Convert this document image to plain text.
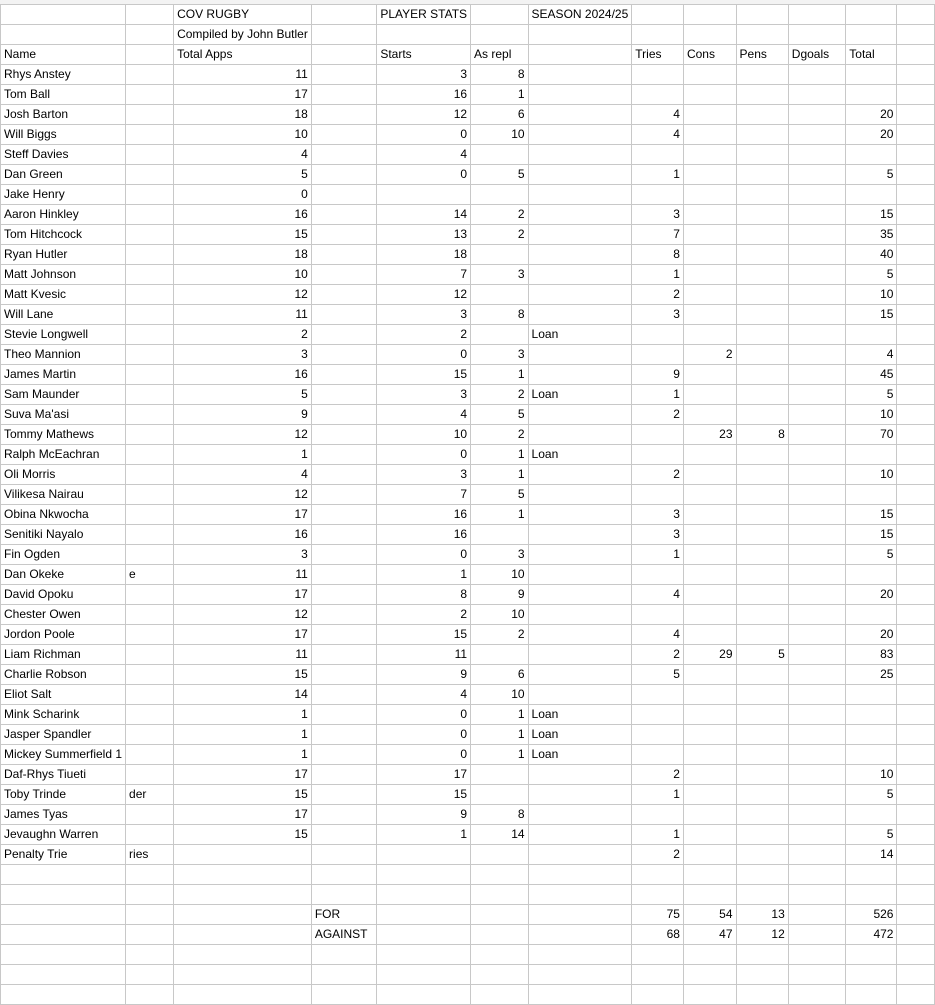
		COV RUGBY		PLAYER STATS		SEASON 2024/25						
		Compiled by John Butler										
Name		Total Apps		Starts	As repl		Tries	Cons	Pens	Dgoals	Total	
Rhys Anstey		11		3	8							
Tom Ball		17		16	1							
Josh Barton		18		12	6		4				20	
Will Biggs		10		0	10		4				20	
Steff Davies		4		4								
Dan Green		5		0	5		1				5	
Jake Henry		0										
Aaron Hinkley		16		14	2		3				15	
Tom Hitchcock		15		13	2		7				35	
Ryan Hutler		18		18			8				40	
Matt Johnson		10		7	3		1				5	
Matt Kvesic		12		12			2				10	
Will Lane		11		3	8		3				15	
Stevie Longwell		2		2		Loan						
Theo Mannion		3		0	3			2			4	
James Martin		16		15	1		9				45	
Sam Maunder		5		3	2	Loan	1				5	
Suva Ma'asi		9		4	5		2				10	
Tommy Mathews		12		10	2			23	8		70	
Ralph McEachran		1		0	1	Loan						
Oli Morris		4		3	1		2				10	
Vilikesa Nairau		12		7	5							
Obina Nkwocha		17		16	1		3				15	
Senitiki Nayalo		16		16			3				15	
Fin Ogden		3		0	3		1				5	
Dan Okeke	e	11		1	10							
David Opoku		17		8	9		4				20	
Chester Owen		12		2	10							
Jordon Poole		17		15	2		4				20	
Liam Richman		11		11			2	29	5		83	
Charlie Robson		15		9	6		5				25	
Eliot Salt		14		4	10							
Mink Scharink		1		0	1	Loan						
Jasper Spandler		1		0	1	Loan						
Mickey Summerfield 1		1		0	1	Loan						
Daf-Rhys Tiueti		17		17			2				10	
Toby Trinde	der	15		15			1				5	
James Tyas		17		9	8							
Jevaughn Warren		15		1	14		1				5	
Penalty Trie	ries						2				14	

			FOR				75	54	13		526	
			AGAINST				68	47	12		472	
